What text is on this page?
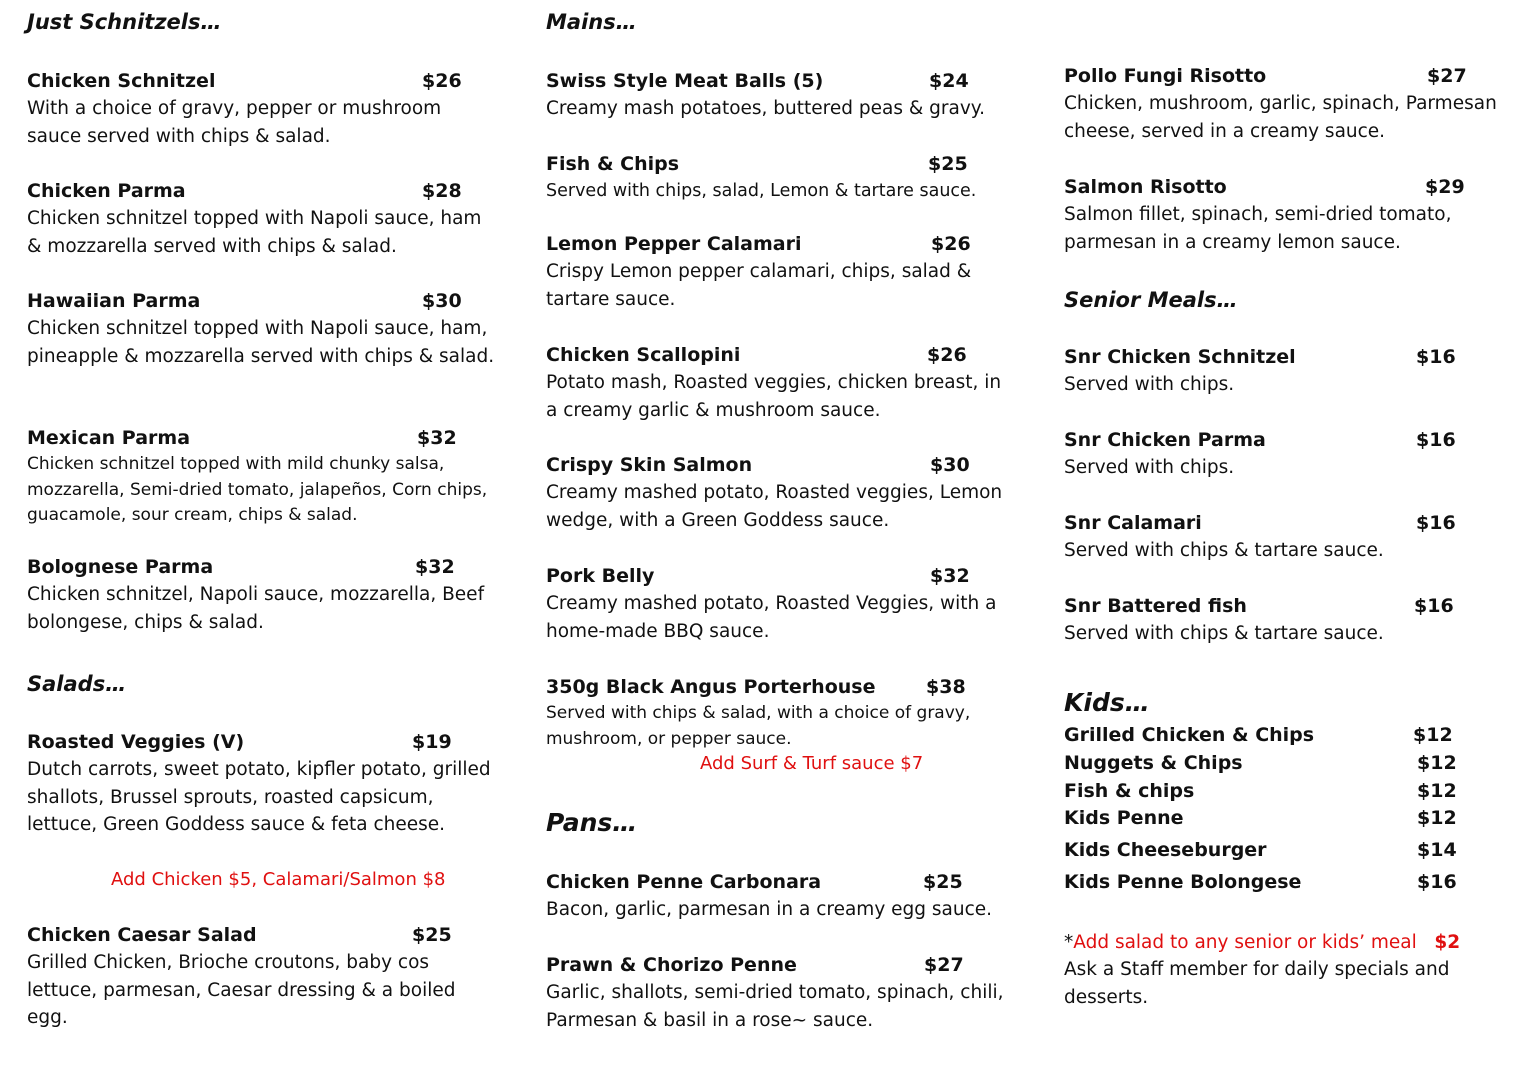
Just Schnitzels…
Chicken Schnitzel	$26
With a choice of gravy, pepper or mushroom sauce served with chips & salad.
Chicken Parma	$28
Chicken schnitzel topped with Napoli sauce, ham & mozzarella served with chips & salad.
Hawaiian Parma	$30
Chicken schnitzel topped with Napoli sauce, ham, pineapple & mozzarella served with chips & salad.
Mexican Parma	$32
Chicken schnitzel topped with mild chunky salsa, mozzarella, Semi-dried tomato, jalapeños, Corn chips, guacamole, sour cream, chips & salad.
Bolognese Parma	$32
Chicken schnitzel, Napoli sauce, mozzarella, Beef bolongese, chips & salad.
Salads…
Roasted Veggies (V)	$19
Dutch carrots, sweet potato, kipfler potato, grilled shallots, Brussel sprouts, roasted capsicum, lettuce, Green Goddess sauce & feta cheese.
Add Chicken $5, Calamari/Salmon $8
Chicken Caesar Salad	$25
Grilled Chicken, Brioche croutons, baby cos lettuce, parmesan, Caesar dressing & a boiled egg.
Mains…
Swiss Style Meat Balls (5)	$24
Creamy mash potatoes, buttered peas & gravy.
Fish & Chips	$25
Served with chips, salad, Lemon & tartare sauce.
Lemon Pepper Calamari	$26
Crispy Lemon pepper calamari, chips, salad & tartare sauce.
Chicken Scallopini	$26
Potato mash, Roasted veggies, chicken breast, in a creamy garlic & mushroom sauce.
Crispy Skin Salmon	$30
Creamy mashed potato, Roasted veggies, Lemon wedge, with a Green Goddess sauce.
Pork Belly	$32
Creamy mashed potato, Roasted Veggies, with a home-made BBQ sauce.
350g Black Angus Porterhouse	$38
Served with chips & salad, with a choice of gravy, mushroom, or pepper sauce.
Add Surf & Turf sauce $7
Pans…
Chicken Penne Carbonara	$25
Bacon, garlic, parmesan in a creamy egg sauce.
Prawn & Chorizo Penne	$27
Garlic, shallots, semi-dried tomato, spinach, chili, Parmesan & basil in a rose~ sauce.
Pollo Fungi Risotto	$27
Chicken, mushroom, garlic, spinach, Parmesan cheese, served in a creamy sauce.
Salmon Risotto	$29
Salmon fillet, spinach, semi-dried tomato, parmesan in a creamy lemon sauce.
Senior Meals…
Snr Chicken Schnitzel	$16
Served with chips.
Snr Chicken Parma	$16
Served with chips.
Snr Calamari	$16
Served with chips & tartare sauce.
Snr Battered fish	$16
Served with chips & tartare sauce.
Kids…
Grilled Chicken & Chips	$12
Nuggets & Chips	$12
Fish & chips	$12
Kids Penne	$12
Kids Cheeseburger	$14
Kids Penne Bolongese	$16
*Add salad to any senior or kids’ meal $2
Ask a Staff member for daily specials and desserts.
